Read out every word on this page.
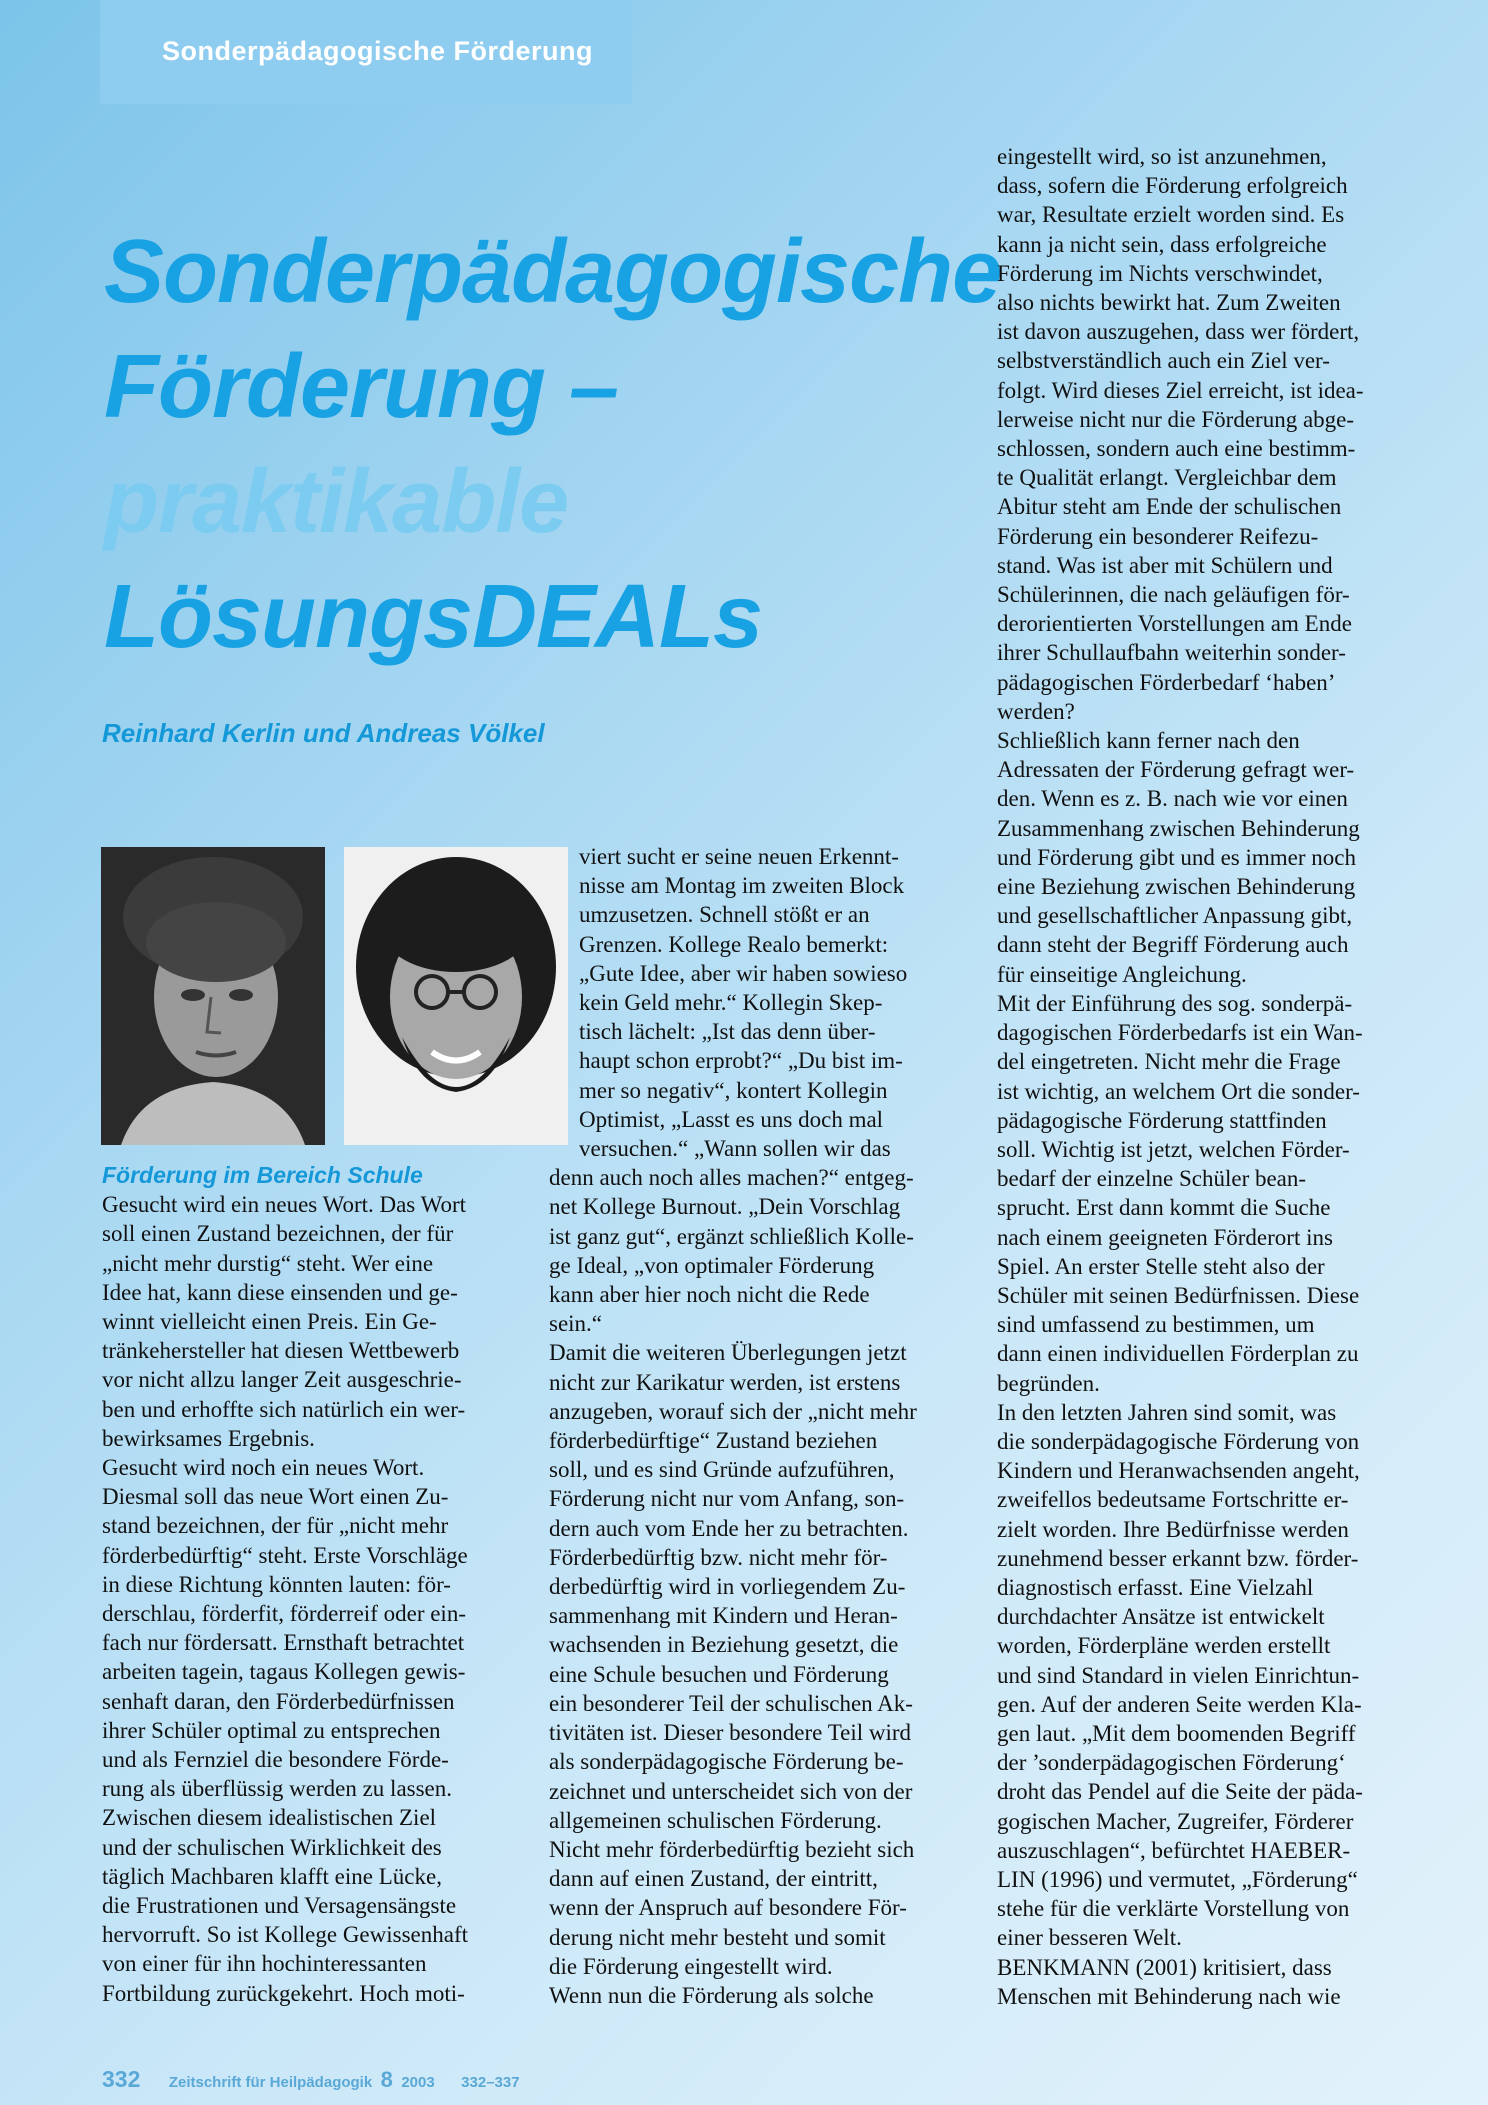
Sonderpädagogische Förderung
Sonderpädagogische
Förderung –
praktikable
LösungsDEALs
Reinhard Kerlin und Andreas Völkel
Förderung im Bereich Schule

Gesucht wird ein neues Wort. Das Wort

soll einen Zustand bezeichnen, der für

„nicht mehr durstig“ steht. Wer eine

Idee hat, kann diese einsenden und ge-

winnt vielleicht einen Preis. Ein Ge-

tränkehersteller hat diesen Wettbewerb

vor nicht allzu langer Zeit ausgeschrie-

ben und erhoffte sich natürlich ein wer-

bewirksames Ergebnis.

Gesucht wird noch ein neues Wort.

Diesmal soll das neue Wort einen Zu-

stand bezeichnen, der für „nicht mehr

förderbedürftig“ steht. Erste Vorschläge

in diese Richtung könnten lauten: för-

derschlau, förderfit, förderreif oder ein-

fach nur fördersatt. Ernsthaft betrachtet

arbeiten tagein, tagaus Kollegen gewis-

senhaft daran, den Förderbedürfnissen

ihrer Schüler optimal zu entsprechen

und als Fernziel die besondere Förde-

rung als überflüssig werden zu lassen.

Zwischen diesem idealistischen Ziel

und der schulischen Wirklichkeit des

täglich Machbaren klafft eine Lücke,

die Frustrationen und Versagensängste

hervorruft. So ist Kollege Gewissenhaft

von einer für ihn hochinteressanten

Fortbildung zurückgekehrt. Hoch moti-

viert sucht er seine neuen Erkennt-

nisse am Montag im zweiten Block

umzusetzen. Schnell stößt er an

Grenzen. Kollege Realo bemerkt:

„Gute Idee, aber wir haben sowieso

kein Geld mehr.“ Kollegin Skep-

tisch lächelt: „Ist das denn über-

haupt schon erprobt?“ „Du bist im-

mer so negativ“, kontert Kollegin

Optimist, „Lasst es uns doch mal

versuchen.“ „Wann sollen wir das

denn auch noch alles machen?“ entgeg-

net Kollege Burnout. „Dein Vorschlag

ist ganz gut“, ergänzt schließlich Kolle-

ge Ideal, „von optimaler Förderung

kann aber hier noch nicht die Rede

sein.“

Damit die weiteren Überlegungen jetzt

nicht zur Karikatur werden, ist erstens

anzugeben, worauf sich der „nicht mehr

förderbedürftige“ Zustand beziehen

soll, und es sind Gründe aufzuführen,

Förderung nicht nur vom Anfang, son-

dern auch vom Ende her zu betrachten.

Förderbedürftig bzw. nicht mehr för-

derbedürftig wird in vorliegendem Zu-

sammenhang mit Kindern und Heran-

wachsenden in Beziehung gesetzt, die

eine Schule besuchen und Förderung

ein besonderer Teil der schulischen Ak-

tivitäten ist. Dieser besondere Teil wird

als sonderpädagogische Förderung be-

zeichnet und unterscheidet sich von der

allgemeinen schulischen Förderung.

Nicht mehr förderbedürftig bezieht sich

dann auf einen Zustand, der eintritt,

wenn der Anspruch auf besondere För-

derung nicht mehr besteht und somit

die Förderung eingestellt wird.

Wenn nun die Förderung als solche

eingestellt wird, so ist anzunehmen,

dass, sofern die Förderung erfolgreich

war, Resultate erzielt worden sind. Es

kann ja nicht sein, dass erfolgreiche

Förderung im Nichts verschwindet,

also nichts bewirkt hat. Zum Zweiten

ist davon auszugehen, dass wer fördert,

selbstverständlich auch ein Ziel ver-

folgt. Wird dieses Ziel erreicht, ist idea-

lerweise nicht nur die Förderung abge-

schlossen, sondern auch eine bestimm-

te Qualität erlangt. Vergleichbar dem

Abitur steht am Ende der schulischen

Förderung ein besonderer Reifezu-

stand. Was ist aber mit Schülern und

Schülerinnen, die nach geläufigen för-

derorientierten Vorstellungen am Ende

ihrer Schullaufbahn weiterhin sonder-

pädagogischen Förderbedarf ‘haben’

werden?

Schließlich kann ferner nach den

Adressaten der Förderung gefragt wer-

den. Wenn es z. B. nach wie vor einen

Zusammenhang zwischen Behinderung

und Förderung gibt und es immer noch

eine Beziehung zwischen Behinderung

und gesellschaftlicher Anpassung gibt,

dann steht der Begriff Förderung auch

für einseitige Angleichung.

Mit der Einführung des sog. sonderpä-

dagogischen Förderbedarfs ist ein Wan-

del eingetreten. Nicht mehr die Frage

ist wichtig, an welchem Ort die sonder-

pädagogische Förderung stattfinden

soll. Wichtig ist jetzt, welchen Förder-

bedarf der einzelne Schüler bean-

sprucht. Erst dann kommt die Suche

nach einem geeigneten Förderort ins

Spiel. An erster Stelle steht also der

Schüler mit seinen Bedürfnissen. Diese

sind umfassend zu bestimmen, um

dann einen individuellen Förderplan zu

begründen.

In den letzten Jahren sind somit, was

die sonderpädagogische Förderung von

Kindern und Heranwachsenden angeht,

zweifellos bedeutsame Fortschritte er-

zielt worden. Ihre Bedürfnisse werden

zunehmend besser erkannt bzw. förder-

diagnostisch erfasst. Eine Vielzahl

durchdachter Ansätze ist entwickelt

worden, Förderpläne werden erstellt

und sind Standard in vielen Einrichtun-

gen. Auf der anderen Seite werden Kla-

gen laut. „Mit dem boomenden Begriff

der ’sonderpädagogischen Förderung‘

droht das Pendel auf die Seite der päda-

gogischen Macher, Zugreifer, Förderer

auszuschlagen“, befürchtet HAEBER-

LIN (1996) und vermutet, „Förderung“

stehe für die verklärte Vorstellung von

einer besseren Welt.

BENKMANN (2001) kritisiert, dass

Menschen mit Behinderung nach wie

332 Zeitschrift für Heilpädagogik 8 2003 332–337
